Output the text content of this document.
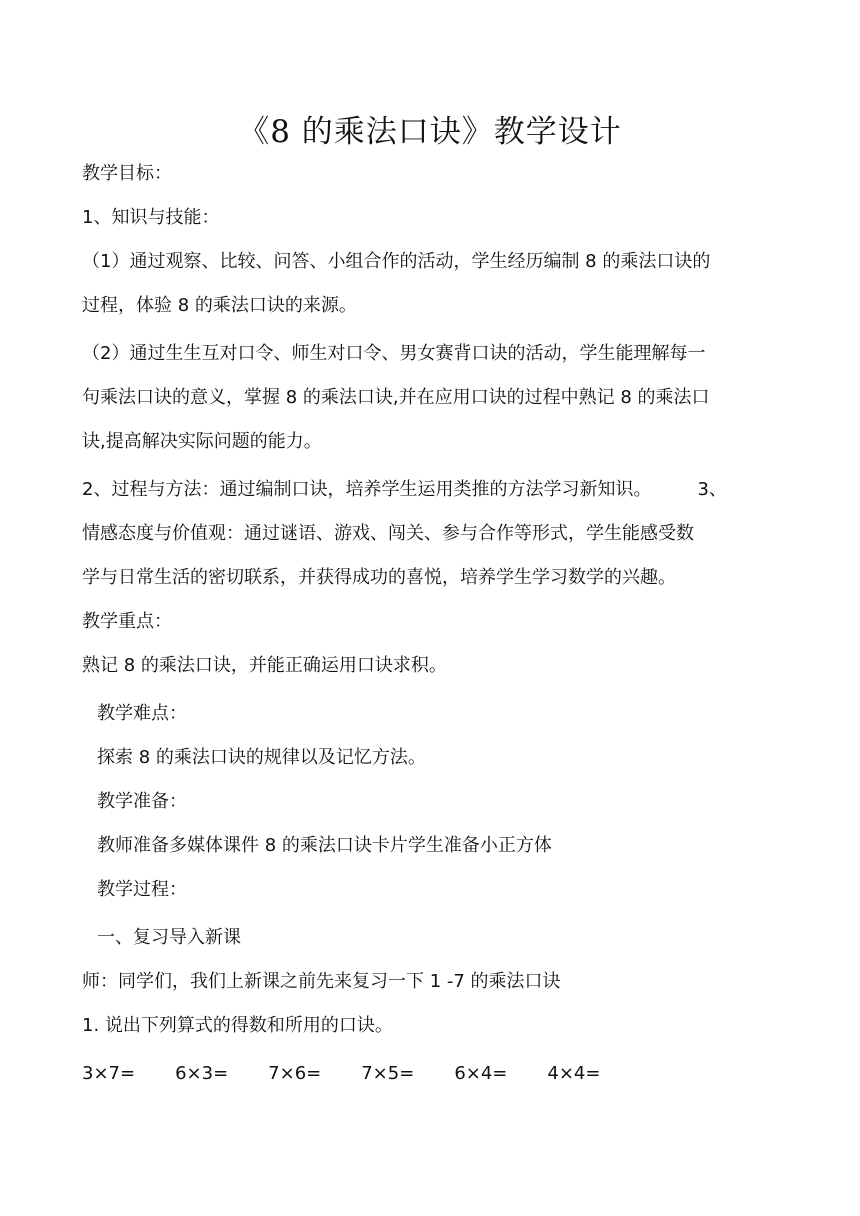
《8 的乘法口诀》教学设计

教学目标：

1、知识与技能：

（1）通过观察、比较、问答、小组合作的活动，学生经历编制 8 的乘法口诀的

过程，体验 8 的乘法口诀的来源。

（2）通过生生互对口令、师生对口令、男女赛背口诀的活动，学生能理解每一

句乘法口诀的意义，掌握 8 的乘法口诀,并在应用口诀的过程中熟记 8 的乘法口

诀,提高解决实际问题的能力。

2、过程与方法：通过编制口诀，培养学生运用类推的方法学习新知识。	3、

情感态度与价值观：通过谜语、游戏、闯关、参与合作等形式，学生能感受数

学与日常生活的密切联系，并获得成功的喜悦，培养学生学习数学的兴趣。

教学重点：

熟记 8 的乘法口诀，并能正确运用口诀求积。

教学难点：

探索 8 的乘法口诀的规律以及记忆方法。

教学准备：

教师准备多媒体课件 8 的乘法口诀卡片学生准备小正方体

教学过程：

一、复习导入新课

师：同学们，我们上新课之前先来复习一下 1 -7 的乘法口诀

1. 说出下列算式的得数和所用的口诀。

3×7= 6×3= 7×6= 7×5= 6×4= 4×4=
